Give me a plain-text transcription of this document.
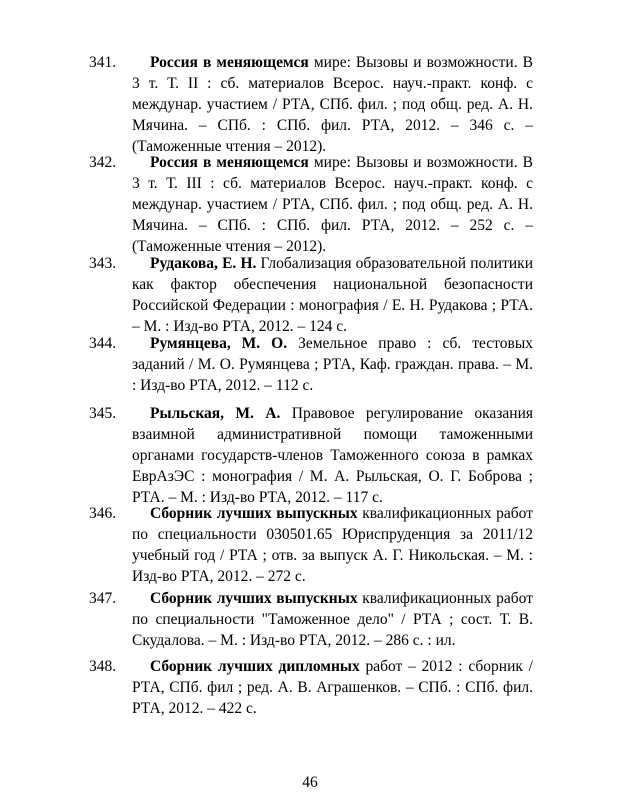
341.	Россия в меняющемся мире: Вызовы и возможности. В 3 т. Т. II : сб. материалов Всерос. науч.-практ. конф. с междунар. участием / РТА, СПб. фил. ; под общ. ред. А. Н. Мячина. – СПб. : СПб. фил. РТА, 2012. – 346 с. – (Таможенные чтения – 2012).
342.	Россия в меняющемся мире: Вызовы и возможности. В 3 т. Т. III : сб. материалов Всерос. науч.-практ. конф. с междунар. участием / РТА, СПб. фил. ; под общ. ред. А. Н. Мячина. – СПб. : СПб. фил. РТА, 2012. – 252 с. – (Таможенные чтения – 2012).
343.	Рудакова, Е. Н. Глобализация образовательной политики как фактор обеспечения национальной безопасности Российской Федерации : монография / Е. Н. Рудакова ; РТА. – М. : Изд-во РТА, 2012. – 124 с.
344.	Румянцева, М. О. Земельное право : сб. тестовых заданий / М. О. Румянцева ; РТА, Каф. граждан. права. – М. : Изд-во РТА, 2012. – 112 с.
345.	Рыльская, М. А. Правовое регулирование оказания взаимной административной помощи таможенными органами государств-членов Таможенного союза в рамках ЕврАзЭС : монография / М. А. Рыльская, О. Г. Боброва ; РТА. – М. : Изд-во РТА, 2012. – 117 с.
346.	Сборник лучших выпускных квалификационных работ по специальности 030501.65 Юриспруденция за 2011/12 учебный год / РТА ; отв. за выпуск А. Г. Никольская. – М. : Изд-во РТА, 2012. – 272 с.
347.	Сборник лучших выпускных квалификационных работ по специальности "Таможенное дело" / РТА ; сост. Т. В. Скудалова. – М. : Изд-во РТА, 2012. – 286 с. : ил.
348.	Сборник лучших дипломных работ – 2012 : сборник / РТА, СПб. фил ; ред. А. В. Аграшенков. – СПб. : СПб. фил. РТА, 2012. – 422 с.
46
